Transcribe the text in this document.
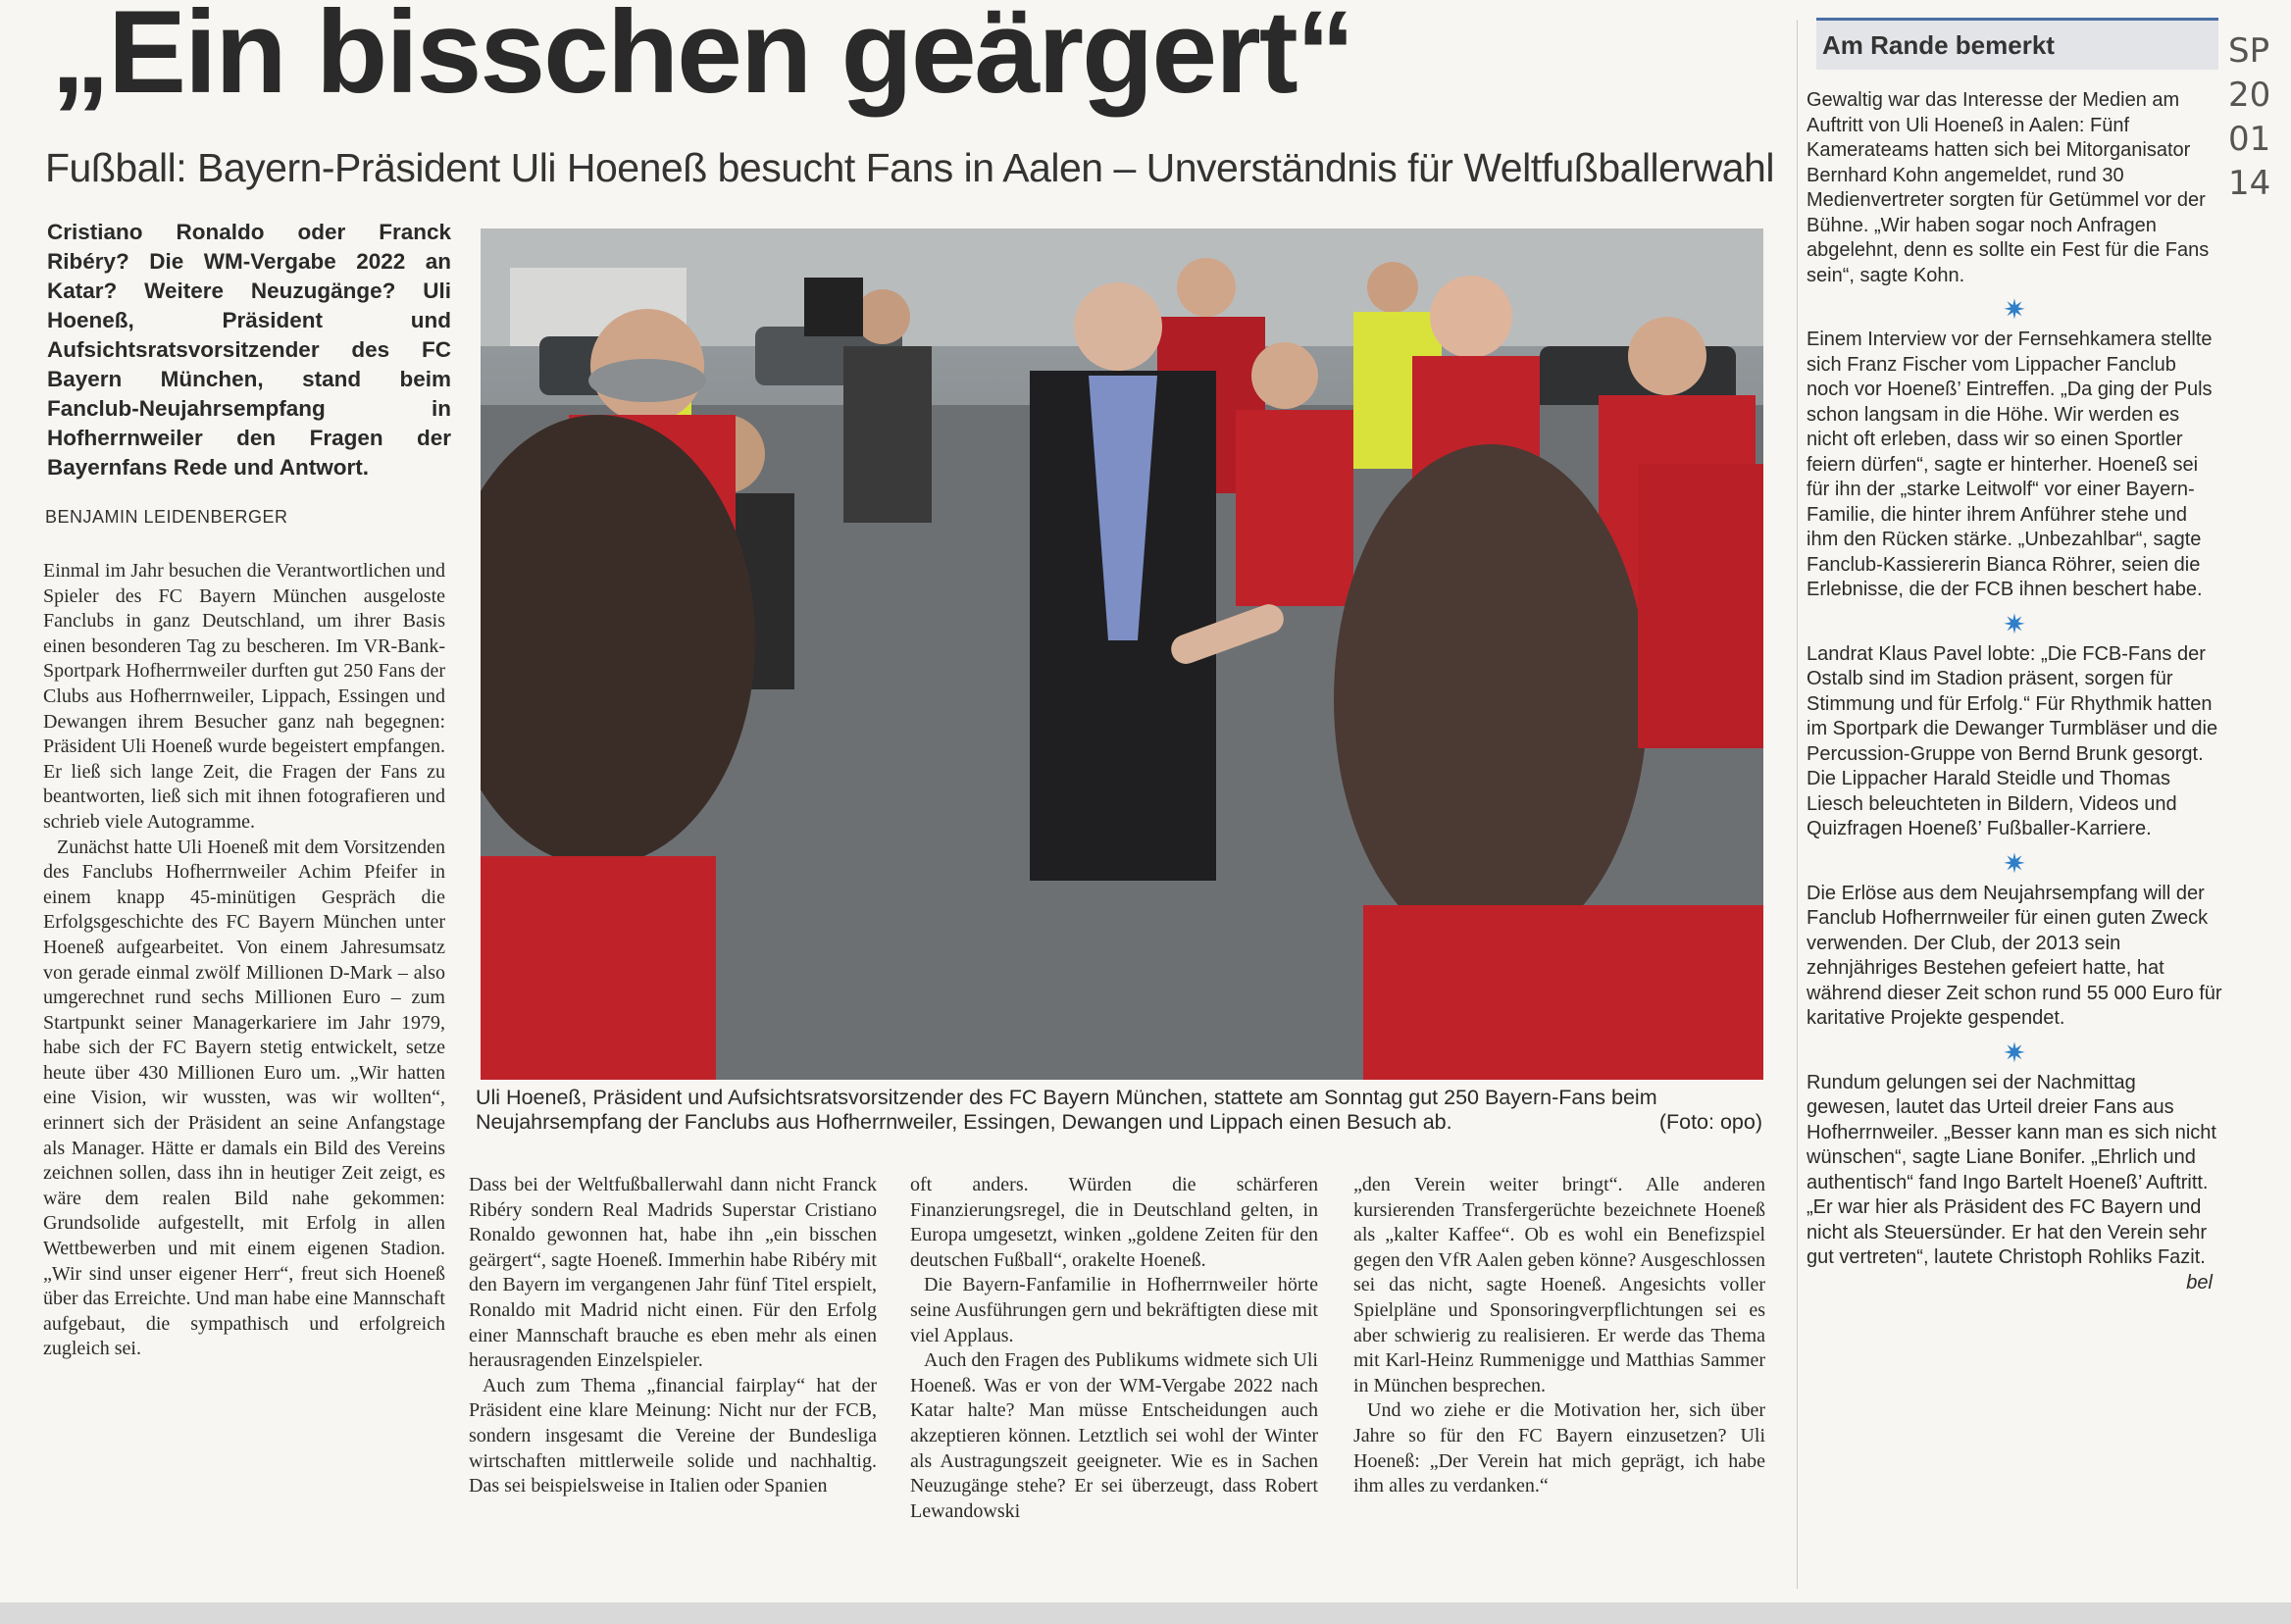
„Ein bisschen geärgert“
Fußball: Bayern-Präsident Uli Hoeneß besucht Fans in Aalen – Unverständnis für Weltfußballerwahl
Cristiano Ronaldo oder Franck Ribéry? Die WM-Vergabe 2022 an Katar? Weitere Neuzugänge? Uli Hoeneß, Präsident und Aufsichtsratsvorsitzender des FC Bayern München, stand beim Fanclub-Neujahrsempfang in Hofherrnweiler den Fragen der Bayernfans Rede und Antwort.
BENJAMIN LEIDENBERGER

Einmal im Jahr besuchen die Verantwortlichen und Spieler des FC Bayern München ausgeloste Fanclubs in ganz Deutschland, um ihrer Basis einen besonderen Tag zu bescheren. Im VR-Bank-Sportpark Hofherrnweiler durften gut 250 Fans der Clubs aus Hofherrnweiler, Lippach, Essingen und Dewangen ihrem Besucher ganz nah begegnen: Präsident Uli Hoeneß wurde begeistert empfangen. Er ließ sich lange Zeit, die Fragen der Fans zu beantworten, ließ sich mit ihnen fotografieren und schrieb viele Autogramme.

Zunächst hatte Uli Hoeneß mit dem Vorsitzenden des Fanclubs Hofherrnweiler Achim Pfeifer in einem knapp 45-minütigen Gespräch die Erfolgsgeschichte des FC Bayern München unter Hoeneß aufgearbeitet. Von einem Jahresumsatz von gerade einmal zwölf Millionen D-Mark – also umgerechnet rund sechs Millionen Euro – zum Startpunkt seiner Managerkariere im Jahr 1979, habe sich der FC Bayern stetig entwickelt, setze heute über 430 Millionen Euro um. „Wir hatten eine Vision, wir wussten, was wir wollten“, erinnert sich der Präsident an seine Anfangstage als Manager. Hätte er damals ein Bild des Vereins zeichnen sollen, dass ihn in heutiger Zeit zeigt, es wäre dem realen Bild nahe gekommen: Grundsolide aufgestellt, mit Erfolg in allen Wettbewerben und mit einem eigenen Stadion. „Wir sind unser eigener Herr“, freut sich Hoeneß über das Erreichte. Und man habe eine Mannschaft aufgebaut, die sympathisch und erfolgreich zugleich sei.

Uli Hoeneß, Präsident und Aufsichtsratsvorsitzender des FC Bayern München, stattete am Sonntag gut 250 Bayern-Fans beim Neujahrsempfang der Fanclubs aus Hofherrnweiler, Essingen, Dewangen und Lippach einen Besuch ab.	(Foto: opo)

Dass bei der Weltfußballerwahl dann nicht Franck Ribéry sondern Real Madrids Superstar Cristiano Ronaldo gewonnen hat, habe ihn „ein bisschen geärgert“, sagte Hoeneß. Immerhin habe Ribéry mit den Bayern im vergangenen Jahr fünf Titel erspielt, Ronaldo mit Madrid nicht einen. Für den Erfolg einer Mannschaft brauche es eben mehr als einen herausragenden Einzelspieler.

Auch zum Thema „financial fairplay“ hat der Präsident eine klare Meinung: Nicht nur der FCB, sondern insgesamt die Vereine der Bundesliga wirtschaften mittlerweile solide und nachhaltig. Das sei beispielsweise in Italien oder Spanien

oft anders. Würden die schärferen Finanzierungsregel, die in Deutschland gelten, in Europa umgesetzt, winken „goldene Zeiten für den deutschen Fußball“, orakelte Hoeneß.

Die Bayern-Fanfamilie in Hofherrnweiler hörte seine Ausführungen gern und bekräftigten diese mit viel Applaus.

Auch den Fragen des Publikums widmete sich Uli Hoeneß. Was er von der WM-Vergabe 2022 nach Katar halte? Man müsse Entscheidungen auch akzeptieren können. Letztlich sei wohl der Winter als Austragungszeit geeigneter. Wie es in Sachen Neuzugänge stehe? Er sei überzeugt, dass Robert Lewandowski

„den Verein weiter bringt“. Alle anderen kursierenden Transfergerüchte bezeichnete Hoeneß als „kalter Kaffee“. Ob es wohl ein Benefizspiel gegen den VfR Aalen geben könne? Ausgeschlossen sei das nicht, sagte Hoeneß. Angesichts voller Spielpläne und Sponsoringverpflichtungen sei es aber schwierig zu realisieren. Er werde das Thema mit Karl-Heinz Rummenigge und Matthias Sammer in München besprechen.

Und wo ziehe er die Motivation her, sich über Jahre so für den FC Bayern einzusetzen? Uli Hoeneß: „Der Verein hat mich geprägt, ich habe ihm alles zu verdanken.“

Am Rande bemerkt

Gewaltig war das Interesse der Medien am Auftritt von Uli Hoeneß in Aalen: Fünf Kamerateams hatten sich bei Mitorganisator Bernhard Kohn angemeldet, rund 30 Medienvertreter sorgten für Getümmel vor der Bühne. „Wir haben sogar noch Anfragen abgelehnt, denn es sollte ein Fest für die Fans sein“, sagte Kohn.

✷

Einem Interview vor der Fernsehkamera stellte sich Franz Fischer vom Lippacher Fanclub noch vor Hoeneß’ Eintreffen. „Da ging der Puls schon langsam in die Höhe. Wir werden es nicht oft erleben, dass wir so einen Sportler feiern dürfen“, sagte er hinterher. Hoeneß sei für ihn der „starke Leitwolf“ vor einer Bayern-Familie, die hinter ihrem Anführer stehe und ihm den Rücken stärke. „Unbezahlbar“, sagte Fanclub-Kassiererin Bianca Röhrer, seien die Erlebnisse, die der FCB ihnen beschert habe.

✷

Landrat Klaus Pavel lobte: „Die FCB-Fans der Ostalb sind im Stadion präsent, sorgen für Stimmung und für Erfolg.“ Für Rhythmik hatten im Sportpark die Dewanger Turmbläser und die Percussion-Gruppe von Bernd Brunk gesorgt. Die Lippacher Harald Steidle und Thomas Liesch beleuchteten in Bildern, Videos und Quizfragen Hoeneß’ Fußballer-Karriere.

✷

Die Erlöse aus dem Neujahrsempfang will der Fanclub Hofherrnweiler für einen guten Zweck verwenden. Der Club, der 2013 sein zehnjähriges Bestehen gefeiert hatte, hat während dieser Zeit schon rund 55 000 Euro für karitative Projekte gespendet.

✷

Rundum gelungen sei der Nachmittag gewesen, lautet das Urteil dreier Fans aus Hofherrnweiler. „Besser kann man es sich nicht wünschen“, sagte Liane Bonifer. „Ehrlich und authentisch“ fand Ingo Bartelt Hoeneß’ Auftritt. „Er war hier als Präsident des FC Bayern und nicht als Steuersünder. Er hat den Verein sehr gut vertreten“, lautete Christoph Rohliks Fazit.

bel
SP
20
01
14
